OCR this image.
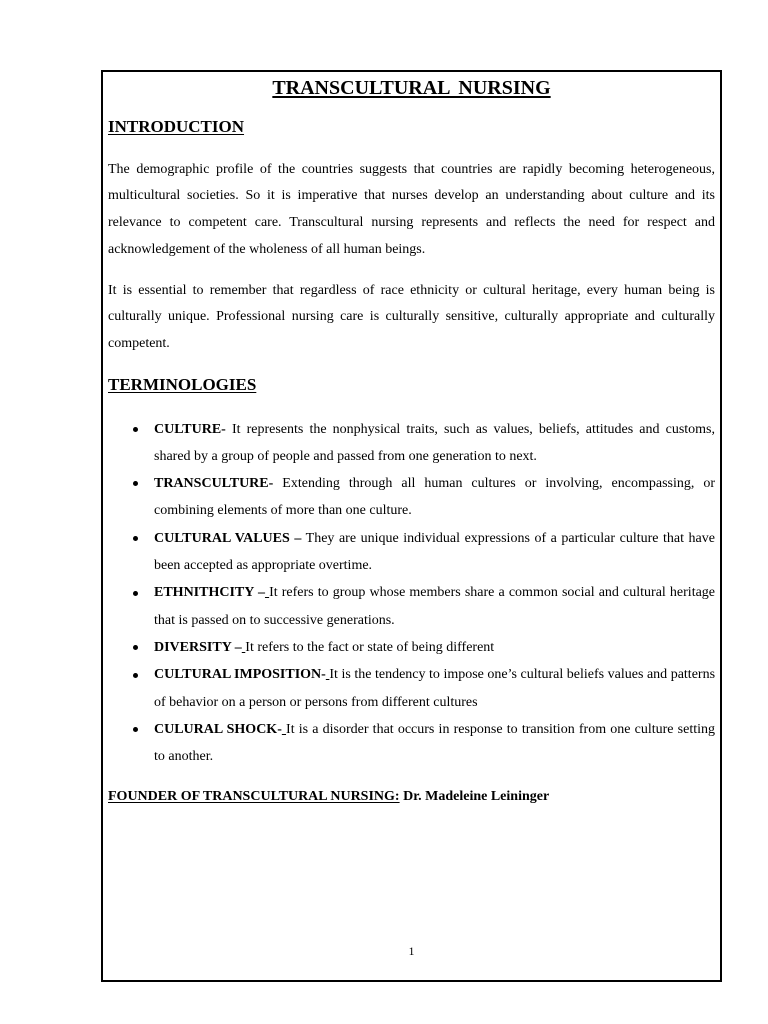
TRANSCULTURAL NURSING
INTRODUCTION

The demographic profile of the countries suggests that countries are rapidly becoming heterogeneous, multicultural societies. So it is imperative that nurses develop an understanding about culture and its relevance to competent care. Transcultural nursing represents and reflects the need for respect and acknowledgement of the wholeness of all human beings.

It is essential to remember that regardless of race ethnicity or cultural heritage, every human being is culturally unique. Professional nursing care is culturally sensitive, culturally appropriate and culturally competent.

TERMINOLOGIES
CULTURE- It represents the nonphysical traits, such as values, beliefs, attitudes and customs, shared by a group of people and passed from one generation to next.
TRANSCULTURE- Extending through all human cultures or involving, encompassing, or combining elements of more than one culture.
CULTURAL VALUES – They are unique individual expressions of a particular culture that have been accepted as appropriate overtime.
ETHNITHCITY – It refers to group whose members share a common social and cultural heritage that is passed on to successive generations.
DIVERSITY – It refers to the fact or state of being different
CULTURAL IMPOSITION- It is the tendency to impose one’s cultural beliefs values and patterns of behavior on a person or persons from different cultures
CULURAL SHOCK- It is a disorder that occurs in response to transition from one culture setting to another.
FOUNDER OF TRANSCULTURAL NURSING: Dr. Madeleine Leininger
1
